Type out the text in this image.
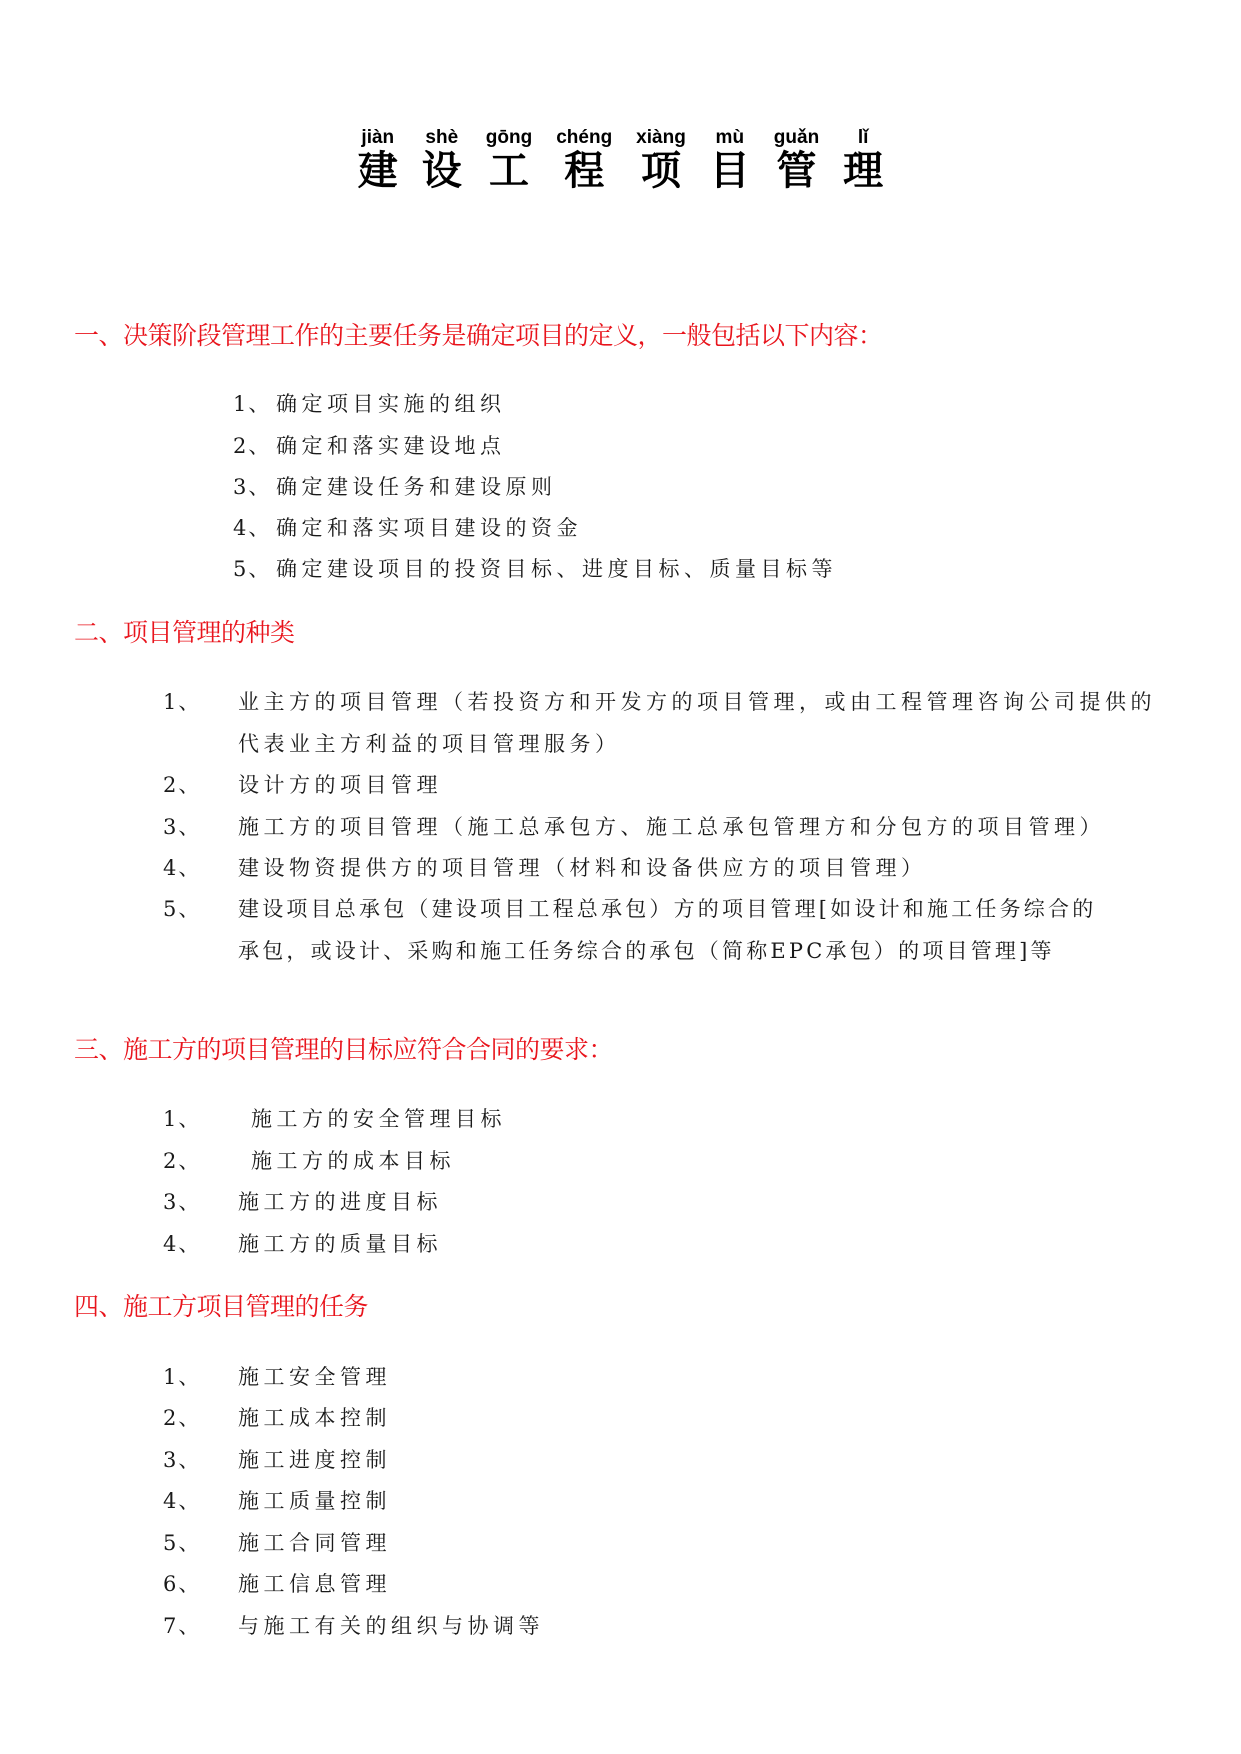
建jiàn设shè工gōng程chéng项xiàng目mù管guǎn理lǐ
一、决策阶段管理工作的主要任务是确定项目的定义，一般包括以下内容：
1、 确定项目实施的组织
2、 确定和落实建设地点
3、 确定建设任务和建设原则
4、 确定和落实项目建设的资金
5、 确定建设项目的投资目标、进度目标、质量目标等
二、项目管理的种类
1、 业主方的项目管理（若投资方和开发方的项目管理，或由工程管理咨询公司提供的
代表业主方利益的项目管理服务）
2、 设计方的项目管理
3、 施工方的项目管理（施工总承包方、施工总承包管理方和分包方的项目管理）
4、 建设物资提供方的项目管理（材料和设备供应方的项目管理）
5、 建设项目总承包（建设项目工程总承包）方的项目管理[如设计和施工任务综合的
承包，或设计、采购和施工任务综合的承包（简称EPC承包）的项目管理]等
三、施工方的项目管理的目标应符合合同的要求：
1、 施工方的安全管理目标
2、 施工方的成本目标
3、 施工方的进度目标
4、 施工方的质量目标
四、施工方项目管理的任务
1、 施工安全管理
2、 施工成本控制
3、 施工进度控制
4、 施工质量控制
5、 施工合同管理
6、 施工信息管理
7、 与施工有关的组织与协调等
